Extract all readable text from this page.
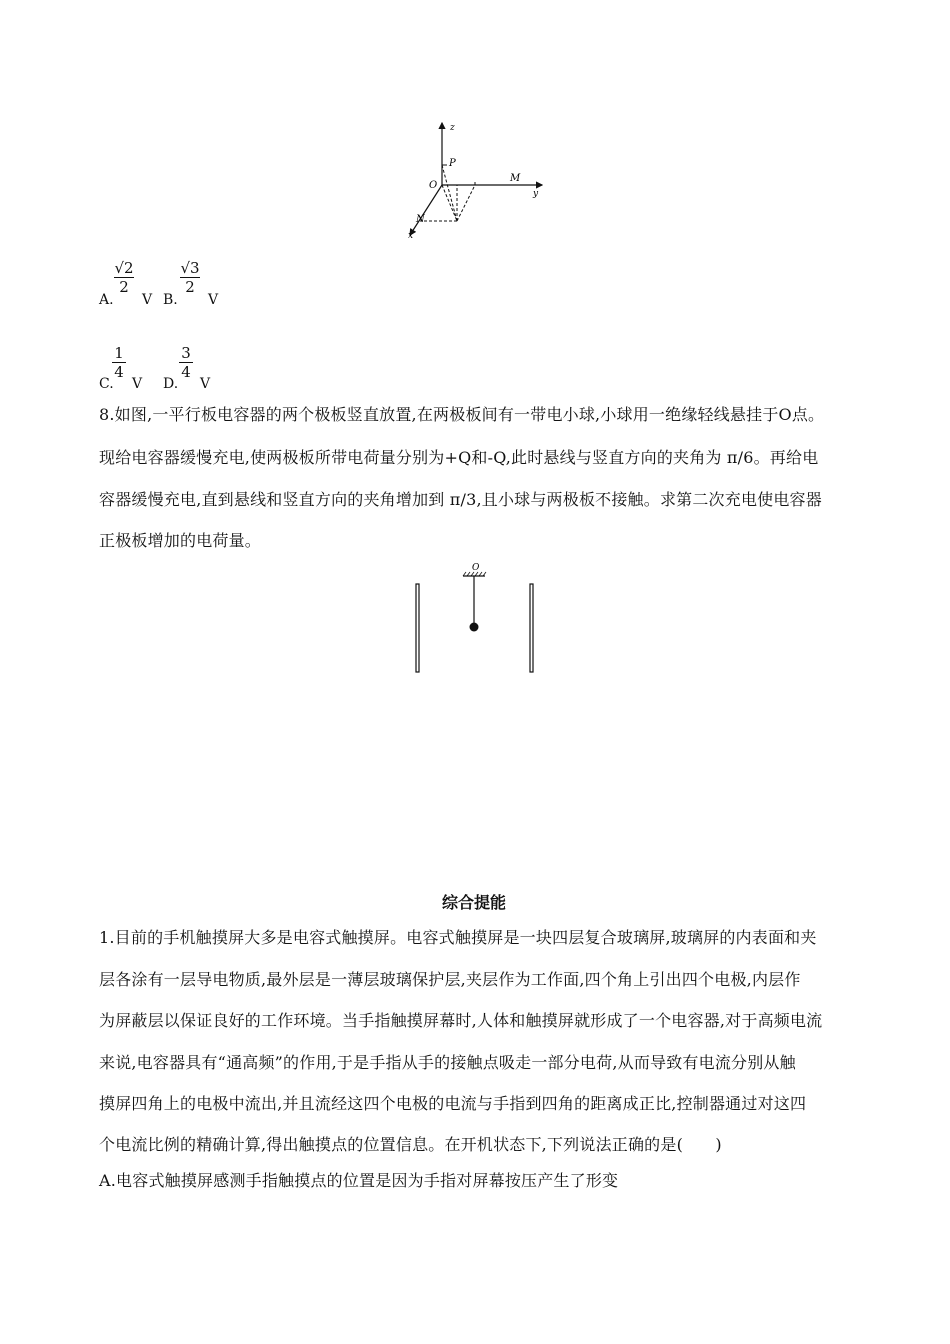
z
P
O
M
y
N
x
A.
√2
2
V B.
√3
2
V
C.
1
4
V D.
3
4
V
8.如图,一平行板电容器的两个极板竖直放置,在两极板间有一带电小球,小球用一绝缘轻线悬挂于O点。
现给电容器缓慢充电,使两极板所带电荷量分别为+Q和-Q,此时悬线与竖直方向的夹角为 π/6。再给电
容器缓慢充电,直到悬线和竖直方向的夹角增加到 π/3,且小球与两极板不接触。求第二次充电使电容器
正极板增加的电荷量。
O
综合提能
1.目前的手机触摸屏大多是电容式触摸屏。电容式触摸屏是一块四层复合玻璃屏,玻璃屏的内表面和夹
层各涂有一层导电物质,最外层是一薄层玻璃保护层,夹层作为工作面,四个角上引出四个电极,内层作
为屏蔽层以保证良好的工作环境。当手指触摸屏幕时,人体和触摸屏就形成了一个电容器,对于高频电流
来说,电容器具有“通高频”的作用,于是手指从手的接触点吸走一部分电荷,从而导致有电流分别从触
摸屏四角上的电极中流出,并且流经这四个电极的电流与手指到四角的距离成正比,控制器通过对这四
个电流比例的精确计算,得出触摸点的位置信息。在开机状态下,下列说法正确的是(　　)
A.电容式触摸屏感测手指触摸点的位置是因为手指对屏幕按压产生了形变
